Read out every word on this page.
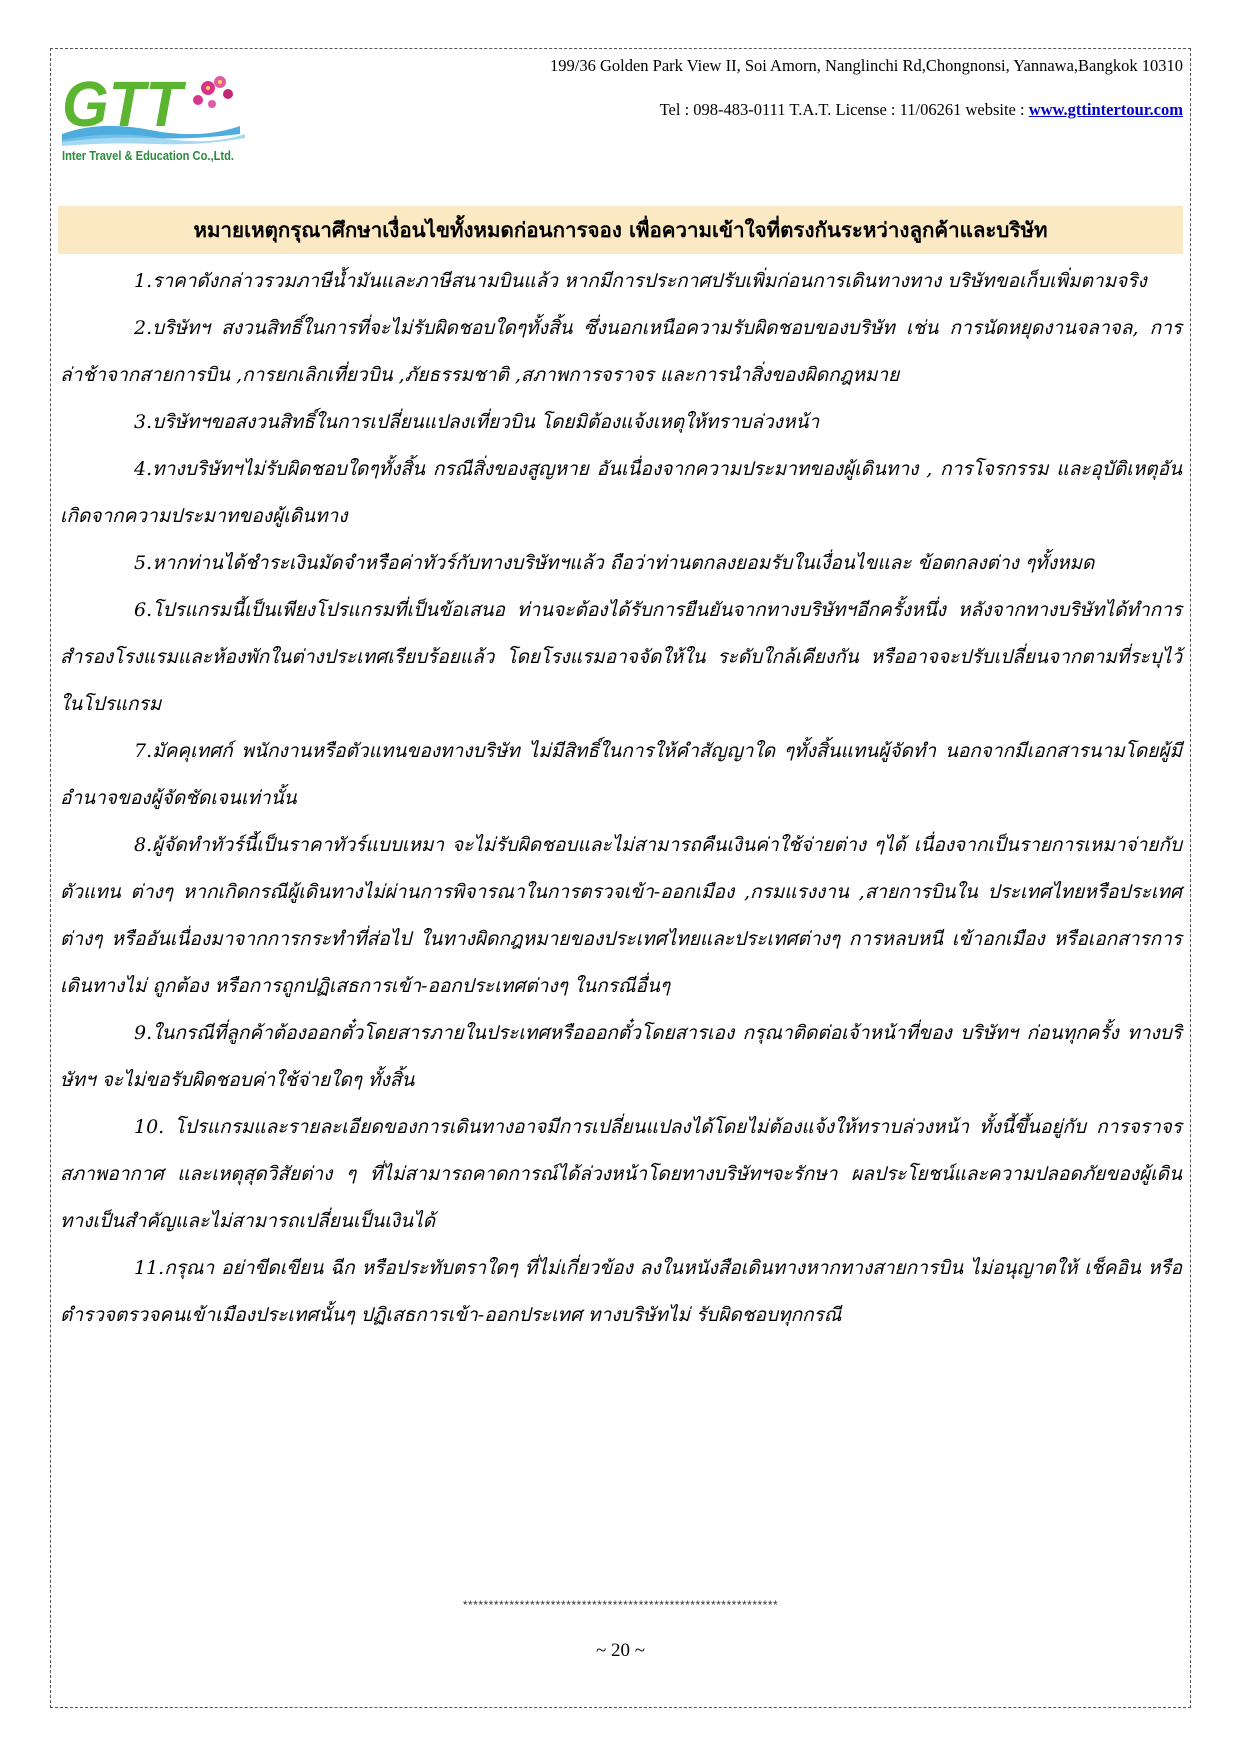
GTT
Inter Travel & Education Co.,Ltd.
199/36 Golden Park View II, Soi Amorn, Nanglinchi Rd,Chongnonsi, Yannawa,Bangkok 10310
Tel : 098-483-0111 T.A.T. License : 11/06261 website : www.gttintertour.com
หมายเหตุกรุณาศึกษาเงื่อนไขทั้งหมดก่อนการจอง เพื่อความเข้าใจที่ตรงกันระหว่างลูกค้าและบริษัท

1.ราคาดังกล่าวรวมภาษีน้ำมันและภาษีสนามบินแล้ว หากมีการประกาศปรับเพิ่มก่อนการเดินทางทาง บริษัทขอเก็บเพิ่มตามจริง

2.บริษัทฯ สงวนสิทธิ์ในการที่จะไม่รับผิดชอบใดๆทั้งสิ้น ซึ่งนอกเหนือความรับผิดชอบของบริษัท เช่น การนัดหยุดงานจลาจล, การล่าช้าจากสายการบิน ,การยกเลิกเที่ยวบิน ,ภัยธรรมชาติ ,สภาพการจราจร และการนำสิ่งของผิดกฎหมาย

3.บริษัทฯขอสงวนสิทธิ์ในการเปลี่ยนแปลงเที่ยวบิน โดยมิต้องแจ้งเหตุให้ทราบล่วงหน้า

4.ทางบริษัทฯไม่รับผิดชอบใดๆทั้งสิ้น กรณีสิ่งของสูญหาย อันเนื่องจากความประมาทของผู้เดินทาง , การโจรกรรม และอุบัติเหตุอันเกิดจากความประมาทของผู้เดินทาง

5.หากท่านได้ชำระเงินมัดจำหรือค่าทัวร์กับทางบริษัทฯแล้ว ถือว่าท่านตกลงยอมรับในเงื่อนไขและ ข้อตกลงต่าง ๆทั้งหมด

6.โปรแกรมนี้เป็นเพียงโปรแกรมที่เป็นข้อเสนอ ท่านจะต้องได้รับการยืนยันจากทางบริษัทฯอีกครั้งหนึ่ง หลังจากทางบริษัทได้ทำการสำรองโรงแรมและห้องพักในต่างประเทศเรียบร้อยแล้ว โดยโรงแรมอาจจัดให้ใน ระดับใกล้เคียงกัน หรืออาจจะปรับเปลี่ยนจากตามที่ระบุไว้ในโปรแกรม

7.มัคคุเทศก์ พนักงานหรือตัวแทนของทางบริษัท ไม่มีสิทธิ์ในการให้คำสัญญาใด ๆทั้งสิ้นแทนผู้จัดทำ นอกจากมีเอกสารนามโดยผู้มีอำนาจของผู้จัดชัดเจนเท่านั้น

8.ผู้จัดทำทัวร์นี้เป็นราคาทัวร์แบบเหมา จะไม่รับผิดชอบและไม่สามารถคืนเงินค่าใช้จ่ายต่าง ๆได้ เนื่องจากเป็นรายการเหมาจ่ายกับตัวแทน ต่างๆ หากเกิดกรณีผู้เดินทางไม่ผ่านการพิจารณาในการตรวจเข้า-ออกเมือง ,กรมแรงงาน ,สายการบินใน ประเทศไทยหรือประเทศต่างๆ หรืออันเนื่องมาจากการกระทำที่ส่อไป ในทางผิดกฎหมายของประเทศไทยและประเทศต่างๆ การหลบหนี เข้าอกเมือง หรือเอกสารการเดินทางไม่ ถูกต้อง หรือการถูกปฏิเสธการเข้า-ออกประเทศต่างๆ ในกรณีอื่นๆ

9.ในกรณีที่ลูกค้าต้องออกตั๋วโดยสารภายในประเทศหรือออกตั๋วโดยสารเอง กรุณาติดต่อเจ้าหน้าที่ของ บริษัทฯ ก่อนทุกครั้ง ทางบริษัทฯ จะไม่ขอรับผิดชอบค่าใช้จ่ายใดๆ ทั้งสิ้น

10. โปรแกรมและรายละเอียดของการเดินทางอาจมีการเปลี่ยนแปลงได้โดยไม่ต้องแจ้งให้ทราบล่วงหน้า ทั้งนี้ขึ้นอยู่กับ การจราจร สภาพอากาศ และเหตุสุดวิสัยต่าง ๆ ที่ไม่สามารถคาดการณ์ได้ล่วงหน้าโดยทางบริษัทฯจะรักษา ผลประโยชน์และความปลอดภัยของผู้เดินทางเป็นสำคัญและไม่สามารถเปลี่ยนเป็นเงินได้

11.กรุณา อย่าขีดเขียน ฉีก หรือประทับตราใดๆ ที่ไม่เกี่ยวข้อง ลงในหนังสือเดินทางหากทางสายการบิน ไม่อนุญาตให้ เช็คอิน หรือตำรวจตรวจคนเข้าเมืองประเทศนั้นๆ ปฏิเสธการเข้า-ออกประเทศ ทางบริษัทไม่ รับผิดชอบทุกกรณี

*************************************************************
~ 20 ~
